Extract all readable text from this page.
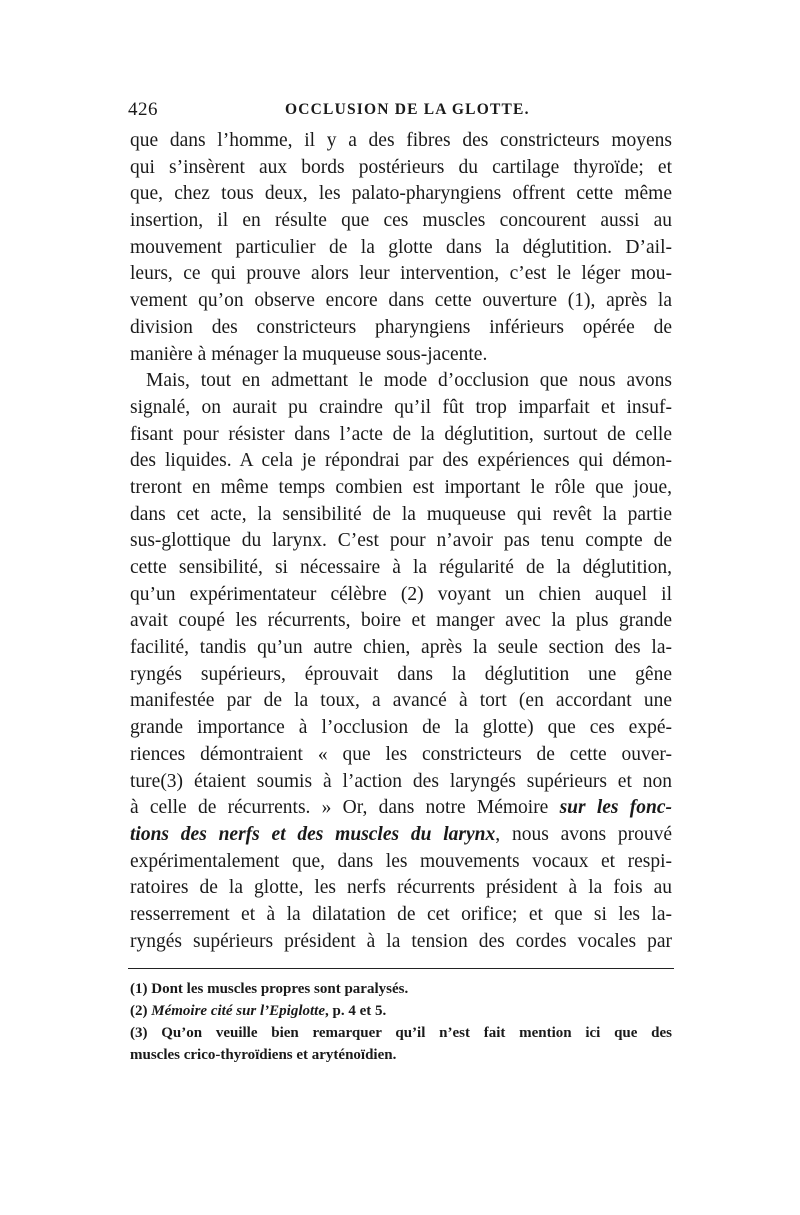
426	OCCLUSION DE LA GLOTTE.
que dans l’homme, il y a des fibres des constricteurs moyens
qui s’insèrent aux bords postérieurs du cartilage thyroïde; et
que, chez tous deux, les palato-pharyngiens offrent cette même
insertion, il en résulte que ces muscles concourent aussi au
mouvement particulier de la glotte dans la déglutition. D’ail-
leurs, ce qui prouve alors leur intervention, c’est le léger mou-
vement qu’on observe encore dans cette ouverture (1), après la
division des constricteurs pharyngiens inférieurs opérée de
manière à ménager la muqueuse sous-jacente.
Mais, tout en admettant le mode d’occlusion que nous avons
signalé, on aurait pu craindre qu’il fût trop imparfait et insuf-
fisant pour résister dans l’acte de la déglutition, surtout de celle
des liquides. A cela je répondrai par des expériences qui démon-
treront en même temps combien est important le rôle que joue,
dans cet acte, la sensibilité de la muqueuse qui revêt la partie
sus-glottique du larynx. C’est pour n’avoir pas tenu compte de
cette sensibilité, si nécessaire à la régularité de la déglutition,
qu’un expérimentateur célèbre (2) voyant un chien auquel il
avait coupé les récurrents, boire et manger avec la plus grande
facilité, tandis qu’un autre chien, après la seule section des la-
ryngés supérieurs, éprouvait dans la déglutition une gêne
manifestée par de la toux, a avancé à tort (en accordant une
grande importance à l’occlusion de la glotte) que ces expé-
riences démontraient « que les constricteurs de cette ouver-
ture(3) étaient soumis à l’action des laryngés supérieurs et non
à celle de récurrents. » Or, dans notre Mémoire sur les fonc-
tions des nerfs et des muscles du larynx, nous avons prouvé
expérimentalement que, dans les mouvements vocaux et respi-
ratoires de la glotte, les nerfs récurrents président à la fois au
resserrement et à la dilatation de cet orifice; et que si les la-
ryngés supérieurs président à la tension des cordes vocales par
(1) Dont les muscles propres sont paralysés.
(2) Mémoire cité sur l’Epiglotte, p. 4 et 5.
(3) Qu’on veuille bien remarquer qu’il n’est fait mention ici que des
muscles crico-thyroïdiens et aryténoïdien.
